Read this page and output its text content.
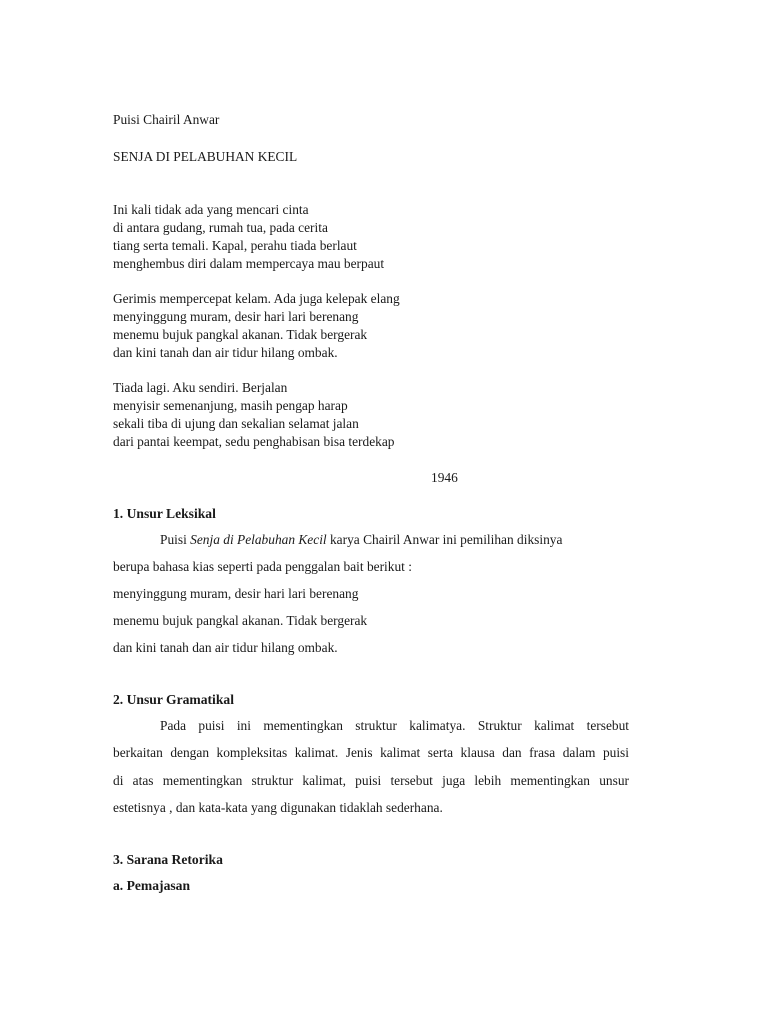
Puisi Chairil Anwar
SENJA DI PELABUHAN KECIL
Ini kali tidak ada yang mencari cinta
di antara gudang, rumah tua, pada cerita
tiang serta temali. Kapal, perahu tiada berlaut
menghembus diri dalam mempercaya mau berpaut
Gerimis mempercepat kelam. Ada juga kelepak elang
menyinggung muram, desir hari lari berenang
menemu bujuk pangkal akanan. Tidak bergerak
dan kini tanah dan air tidur hilang ombak.
Tiada lagi. Aku sendiri. Berjalan
menyisir semenanjung, masih pengap harap
sekali tiba di ujung dan sekalian selamat jalan
dari pantai keempat, sedu penghabisan bisa terdekap
1946
1. Unsur Leksikal
Puisi Senja di Pelabuhan Kecil karya Chairil Anwar ini pemilihan diksinya
berupa bahasa kias seperti pada penggalan bait berikut :
menyinggung muram, desir hari lari berenang
menemu bujuk pangkal akanan. Tidak bergerak
dan kini tanah dan air tidur hilang ombak.
2. Unsur Gramatikal
Pada puisi ini mementingkan struktur kalimatya. Struktur kalimat tersebut
berkaitan dengan kompleksitas kalimat. Jenis kalimat serta klausa dan frasa dalam puisi
di atas mementingkan struktur kalimat, puisi tersebut juga lebih mementingkan unsur
estetisnya , dan kata-kata yang digunakan tidaklah sederhana.
3. Sarana Retorika
a. Pemajasan
